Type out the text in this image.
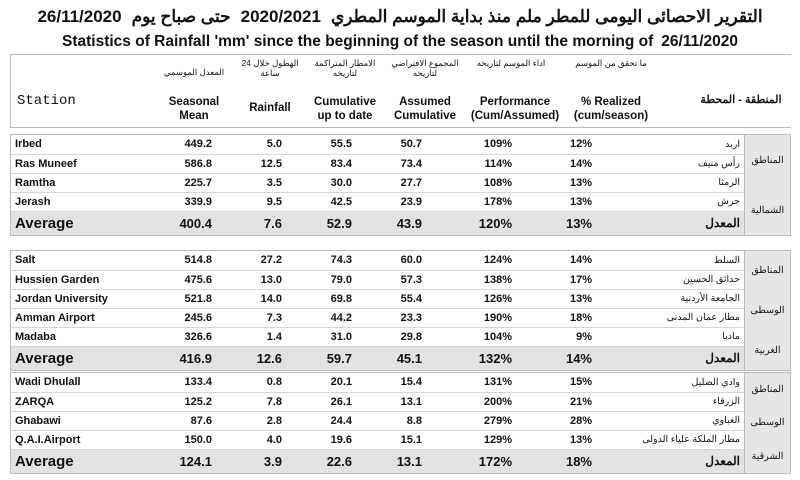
التقرير الاحصائى اليومى للمطر ملم منذ بداية الموسم المطري2020/2021حتى صباح يوم26/11/2020
Statistics of Rainfall 'mm' since the beginning of the season until the morning of 26/11/2020
Station
المعدل الموسمي
Seasonal Mean
الهطول خلال 24 ساعة
Rainfall
الامطار المتراكمة لتاريخه
Cumulative up to date
المجموع الافتراضي لتاريخه
Assumed Cumulative
اداء الموسم لتاريخه
Performance (Cum/Assumed)
ما تحقق من الموسم
% Realized (cum/season)
المنطقة - المحطة
Irbed	449.2	5.0	55.5	50.7	109%	12%	اربد
Ras Muneef	586.8	12.5	83.4	73.4	114%	14%	رأس منيف
Ramtha	225.7	3.5	30.0	27.7	108%	13%	الرمثا
Jerash	339.9	9.5	42.5	23.9	178%	13%	جرش
Average	400.4	7.6	52.9	43.9	120%	13%	المعدل
المناطق
الشمالية
Salt	514.8	27.2	74.3	60.0	124%	14%	السلط
Hussien Garden	475.6	13.0	79.0	57.3	138%	17%	حدائق الحسين
Jordan University	521.8	14.0	69.8	55.4	126%	13%	الجامعة الأردنية
Amman Airport	245.6	7.3	44.2	23.3	190%	18%	مطار عمان المدنى
Madaba	326.6	1.4	31.0	29.8	104%	9%	مادبا
Average	416.9	12.6	59.7	45.1	132%	14%	المعدل
المناطق
الوسطى
الغربية
Wadi Dhulall	133.4	0.8	20.1	15.4	131%	15%	وادي الضليل
ZARQA	125.2	7.8	26.1	13.1	200%	21%	الزرقاء
Ghabawi	87.6	2.8	24.4	8.8	279%	28%	الغباوي
Q.A.I.Airport	150.0	4.0	19.6	15.1	129%	13%	مطار الملكة علياء الدولى
Average	124.1	3.9	22.6	13.1	172%	18%	المعدل
المناطق
الوسطى
الشرقية
